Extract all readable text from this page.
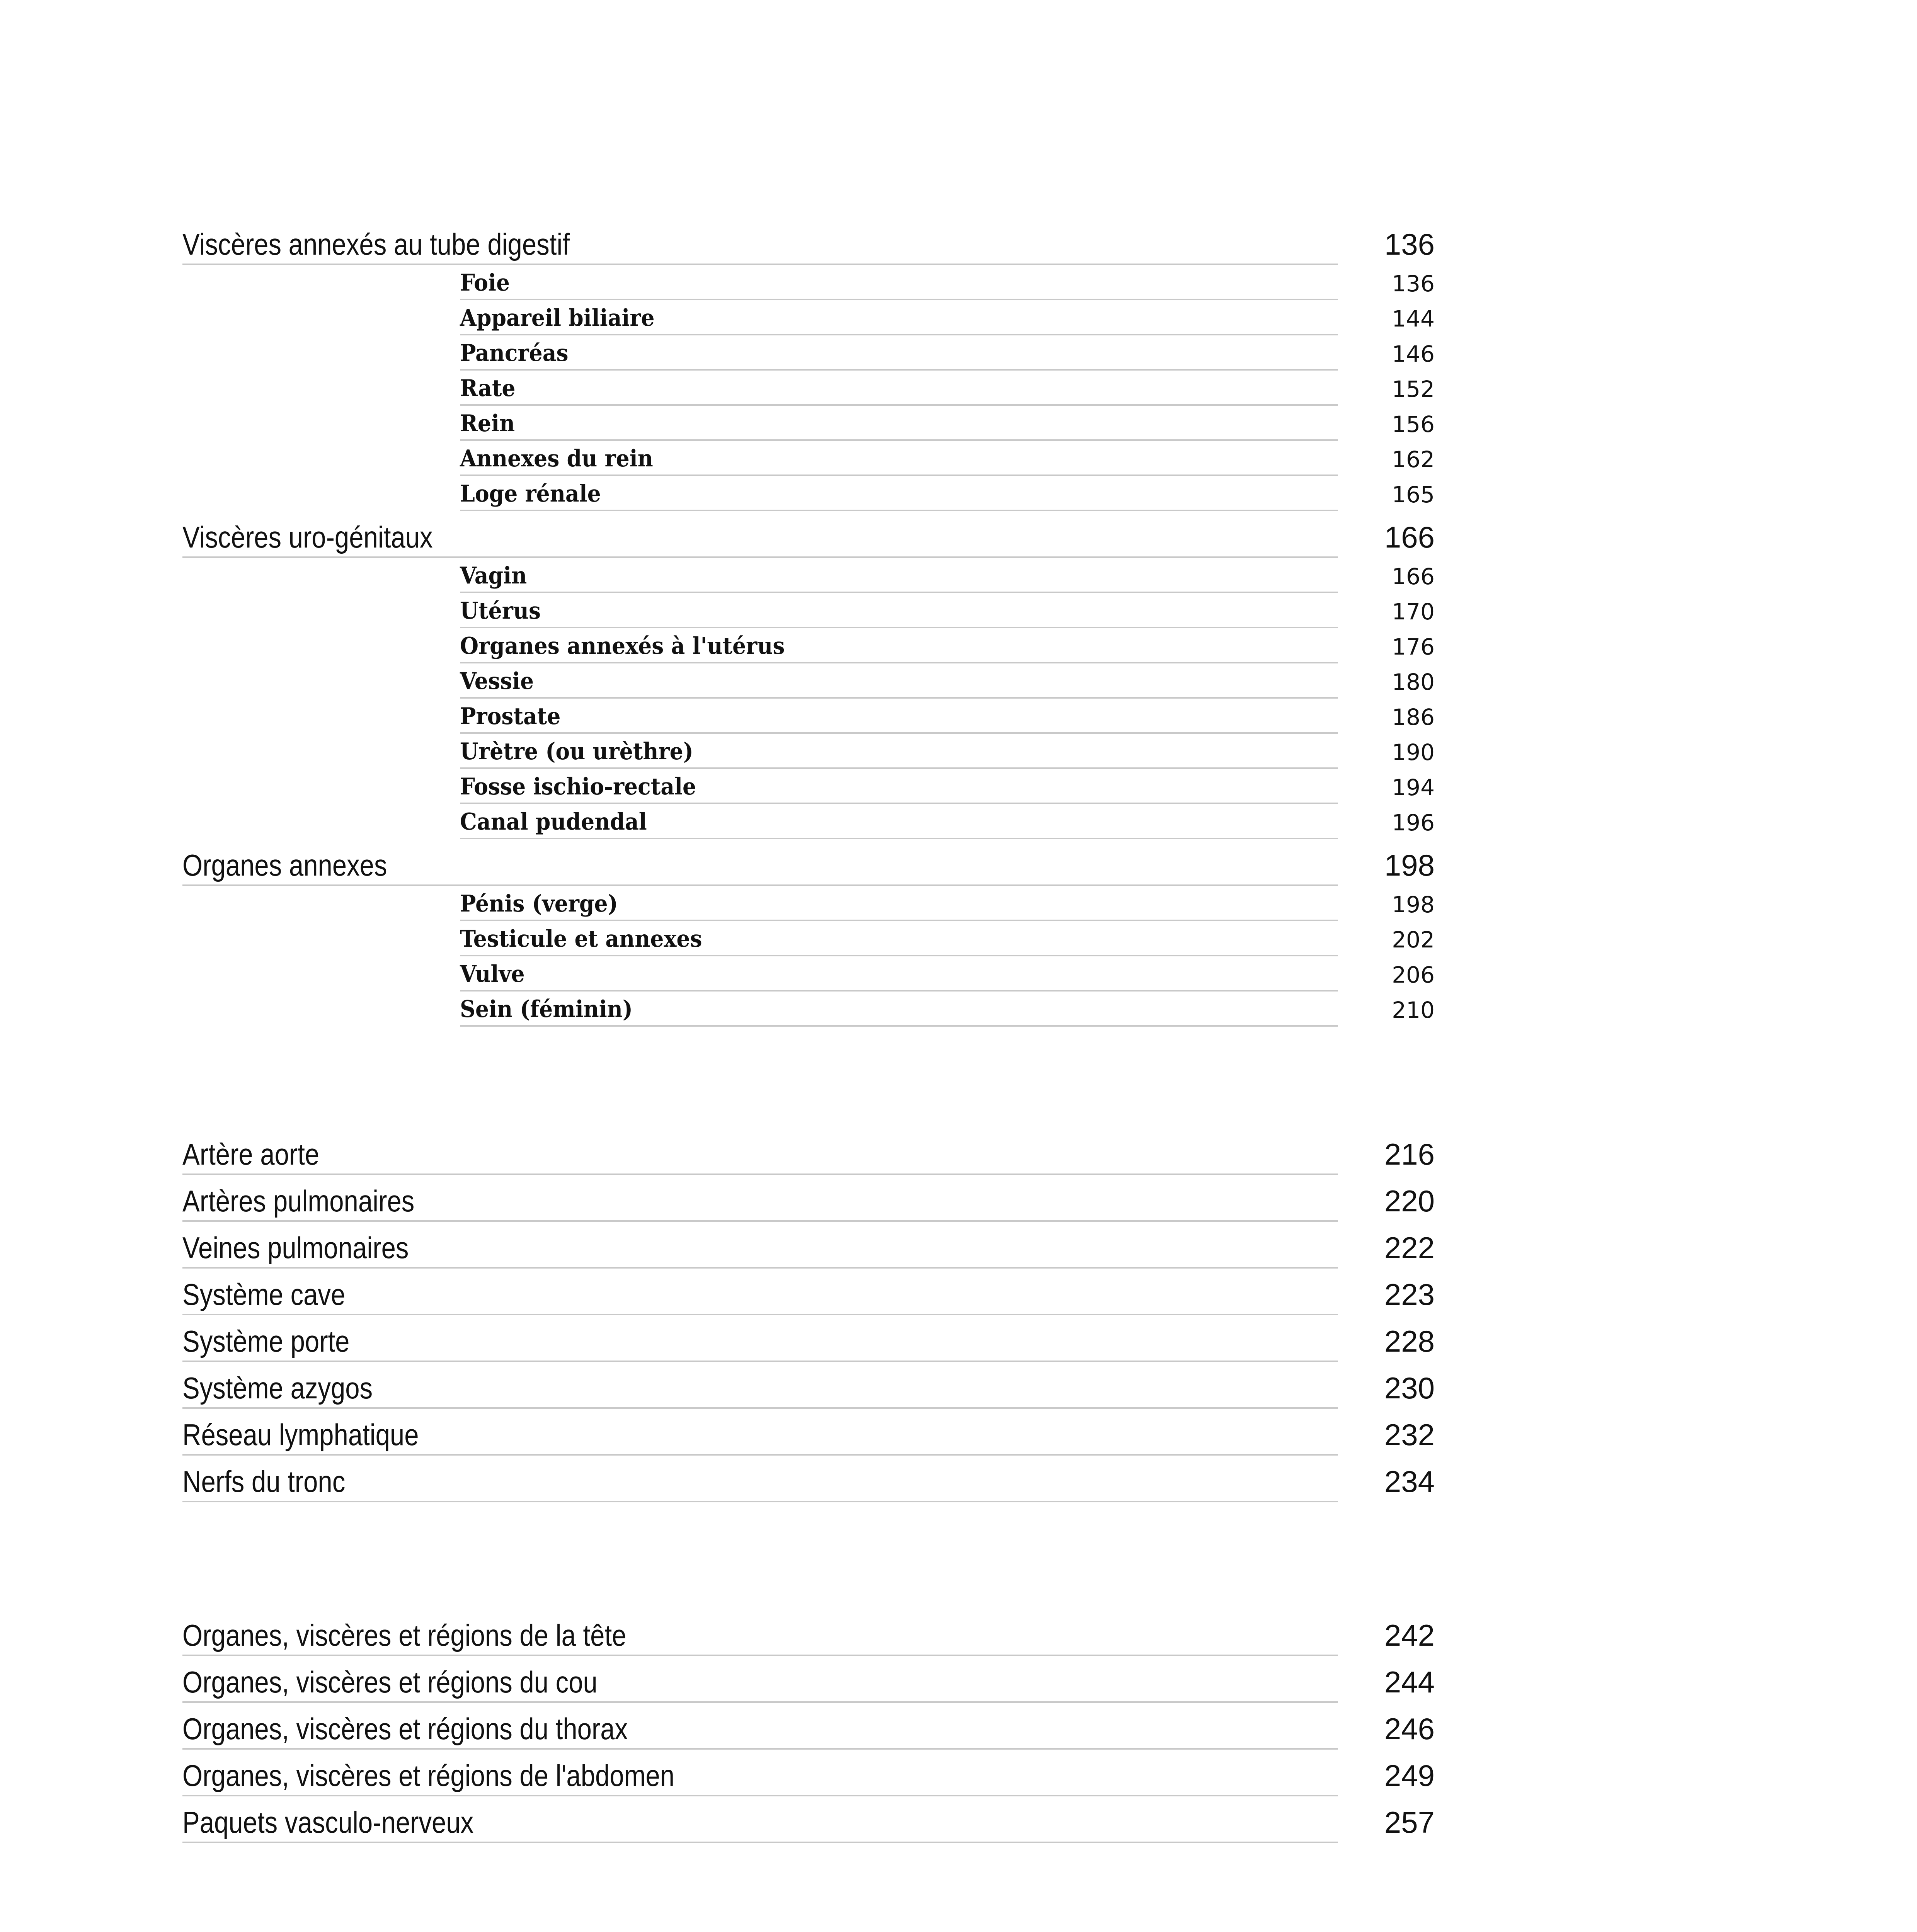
Viscères annexés au tube digestif	136
Foie	136
Appareil biliaire	144
Pancréas	146
Rate	152
Rein	156
Annexes du rein	162
Loge rénale	165
Viscères uro-génitaux	166
Vagin	166
Utérus	170
Organes annexés à l'utérus	176
Vessie	180
Prostate	186
Urètre (ou urèthre)	190
Fosse ischio-rectale	194
Canal pudendal	196
Organes annexes	198
Pénis (verge)	198
Testicule et annexes	202
Vulve	206
Sein (féminin)	210
Artère aorte	216
Artères pulmonaires	220
Veines pulmonaires	222
Système cave	223
Système porte	228
Système azygos	230
Réseau lymphatique	232
Nerfs du tronc	234
Organes, viscères et régions de la tête	242
Organes, viscères et régions du cou	244
Organes, viscères et régions du thorax	246
Organes, viscères et régions de l'abdomen	249
Paquets vasculo-nerveux	257
